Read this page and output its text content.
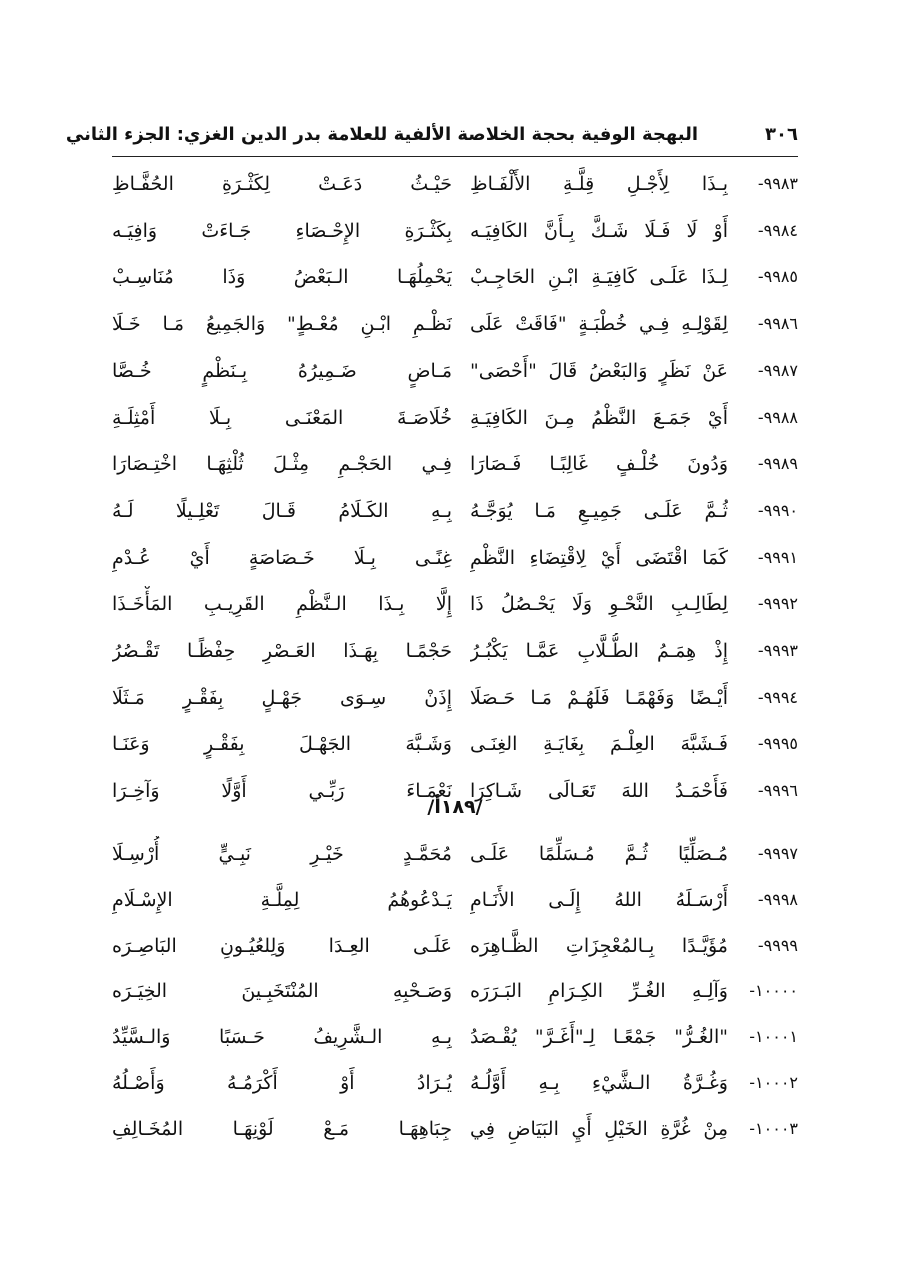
٣٠٦
البهجة الوفية بحجة الخلاصة الألفية للعلامة بدر الدين الغزي: الجزء الثاني
٩٩٨٣-
بِـذَا لِأَجْـلِ قِلَّـةِ الأَلْفَـاظِ
حَيْـثُ دَعَـتْ لِكَثْـرَةِ الحُفَّـاظِ
٩٩٨٤-
أَوْ لَا فَـلَا شَـكَّ بِـأَنَّ الكَافِيَـه
بِكَثْـرَةِ الإِحْـصَاءِ جَـاءَتْ وَافِيَـه
٩٩٨٥-
لِـذَا عَلَـى كَافِيَـةِ ابْـنِ الحَاجِـبْ
يَحْمِلُهَـا الـبَعْضُ وَذَا مُنَاسِـبْ
٩٩٨٦-
لِقَوْلِـهِ فِـي خُطْبَـةٍ "فَاقَتْ عَلَى
نَظْـمِ ابْـنِ مُعْـطٍ" وَالجَمِيعُ مَـا خَـلَا
٩٩٨٧-
عَنْ نَظَرٍ وَالبَعْضُ قَالَ "أَحْصَى"
مَـاضٍ ضَـمِيرُهُ بِـنَظْمٍ خُـصَّا
٩٩٨٨-
أَيْ جَمَـعَ النَّظْمُ مِـنَ الكَافِيَـةِ
خُلَاصَـةَ المَعْنَـى بِـلَا أَمْثِلَـةِ
٩٩٨٩-
وَدُونَ خُلْـفٍ غَالِبًـا فَـصَارَا
فِـي الحَجْـمِ مِثْـلَ ثُلْثِهَـا اخْتِـصَارَا
٩٩٩٠-
ثُـمَّ عَلَـى جَمِيـعِ مَـا يُوَجَّـهُ
بِـهِ الكَـلَامُ قَـالَ تَعْلِـيلًا لَـهُ
٩٩٩١-
كَمَا اقْتَضَى أَيْ لِاقْتِضَاءِ النَّظْمِ
غِنًـى بِـلَا خَـصَاصَةٍ أَيْ عُـدْمِ
٩٩٩٢-
لِطَالِـبِ النَّحْـوِ وَلَا يَحْـصُلُ ذَا
إِلَّا بِـذَا الـنَّظْمِ القَرِيـبِ المَأْخَـذَا
٩٩٩٣-
إِذْ هِمَـمُ الطُّـلَّابِ عَمَّـا يَكْبُـرُ
حَجْمًـا بِهَـذَا العَـصْرِ حِفْظًـا تَقْـصُرُ
٩٩٩٤-
أَيْـضًا وَفَهْمًـا فَلَهُـمْ مَـا حَـصَلَا
إِذَنْ سِـوَى جَهْـلٍ بِفَقْـرٍ مَـثَلَا
٩٩٩٥-
فَـشَبَّهَ العِلْـمَ بِغَايَـةِ الغِنَـى
وَشَـبَّهَ الجَهْـلَ بِفَقْـرٍ وَعَنَـا
٩٩٩٦-
فَأَحْمَـدُ اللهَ تَعَـالَى شَـاكِرَا
نَعْمَـاءَ رَبِّـي أَوَّلًا وَآخِـرَا
/١٨٩أ/
٩٩٩٧-
مُـصَلِّيًا ثُـمَّ مُـسَلِّمًا عَلَـى
مُحَمَّـدٍ خَيْـرِ نَبِـيٍّ أُرْسِـلَا
٩٩٩٨-
أَرْسَـلَهُ اللهُ إِلَـى الأَنَـامِ
يَـدْعُوهُمُ لِمِلَّـةِ الإِسْـلَامِ
٩٩٩٩-
مُؤَيَّـدًا بِـالمُعْجِزَاتِ الظَّـاهِرَه
عَلَـى العِـدَا وَلِلعُيُـونِ البَاصِـرَه
١٠٠٠٠-
وَآلِـهِ الغُـرِّ الكِـرَامِ البَـرَرَه
وَصَـحْبِهِ المُنْتَخَبِـينَ الخِيَـرَه
١٠٠٠١-
"الغُـرُّ" جَمْعًـا لِـ"أَغَـرَّ" يُقْـصَدُ
بِـهِ الـشَّرِيفُ حَـسَبًا وَالـسَّيِّدُ
١٠٠٠٢-
وَغُـرَّةُ الـشَّيْءِ بِـهِ أَوَّلُـهُ
يُـرَادُ أَوْ أَكْرَمُـهُ وَأَصْـلُهُ
١٠٠٠٣-
مِنْ غُرَّةِ الخَيْلِ أَيِ البَيَاضِ فِي
جِبَاهِهَـا مَـعْ لَوْنِهَـا المُخَـالِفِ
